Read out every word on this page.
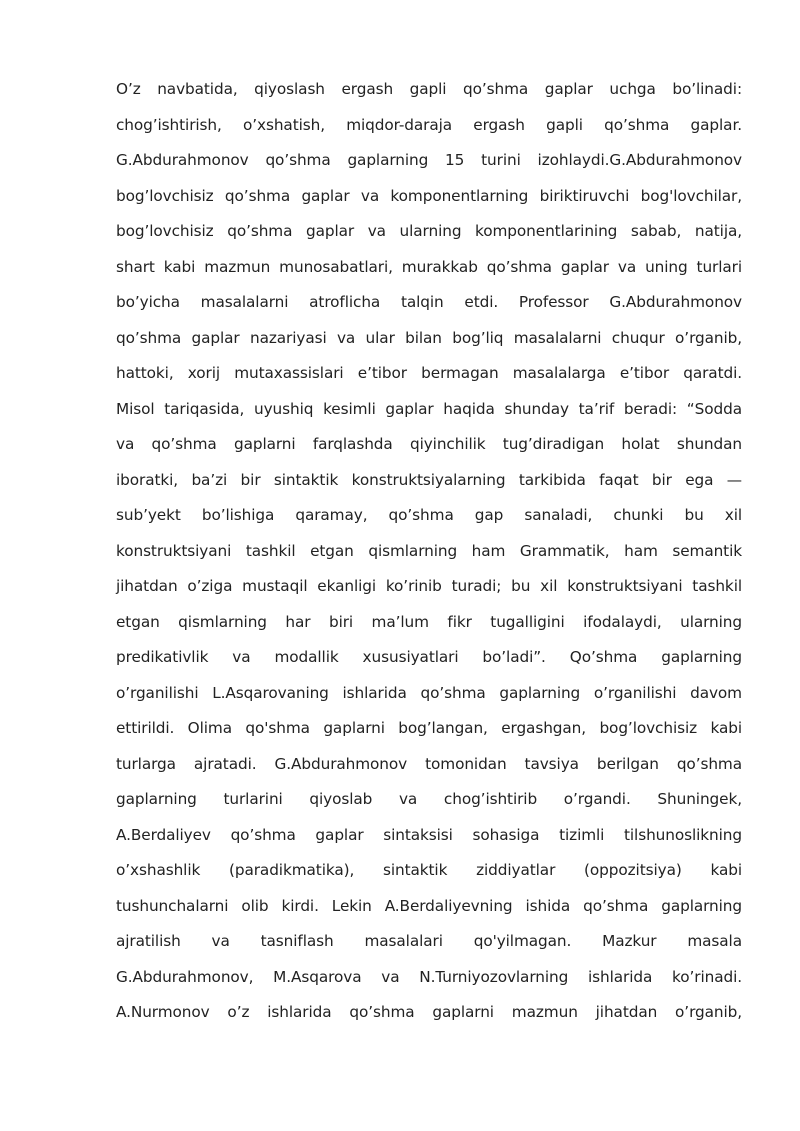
O’z navbatida, qiyoslash ergash gapli qo’shma gaplar uchga bo’linadi:
chog’ishtirish, o’xshatish, miqdor-daraja ergash gapli qo’shma gaplar.
G.Abdurahmonov qo’shma gaplarning 15 turini izohlaydi.G.Abdurahmonov
bog’lovchisiz qo’shma gaplar va komponentlarning biriktiruvchi bog'lovchilar,
bog’lovchisiz qo’shma gaplar va ularning komponentlarining sabab, natija,
shart kabi mazmun munosabatlari, murakkab qo’shma gaplar va uning turlari
bo’yicha masalalarni atroflicha talqin etdi. Professor G.Abdurahmonov
qo’shma gaplar nazariyasi va ular bilan bog’liq masalalarni chuqur o’rganib,
hattoki, xorij mutaxassislari e’tibor bermagan masalalarga e’tibor qaratdi.
Misol tariqasida, uyushiq kesimli gaplar haqida shunday ta’rif beradi: “Sodda
va qo’shma gaplarni farqlashda qiyinchilik tug’diradigan holat shundan
iboratki, ba’zi bir sintaktik konstruktsiyalarning tarkibida faqat bir ega —
sub’yekt bo’lishiga qaramay, qo’shma gap sanaladi, chunki bu xil
konstruktsiyani tashkil etgan qismlarning ham Grammatik, ham semantik
jihatdan o’ziga mustaqil ekanligi ko’rinib turadi; bu xil konstruktsiyani tashkil
etgan qismlarning har biri ma’lum fikr tugalligini ifodalaydi, ularning
predikativlik va modallik xususiyatlari bo’ladi”. Qo’shma gaplarning
o’rganilishi L.Asqarovaning ishlarida qo’shma gaplarning o’rganilishi davom
ettirildi. Olima qo'shma gaplarni bog’langan, ergashgan, bog’lovchisiz kabi
turlarga ajratadi. G.Abdurahmonov tomonidan tavsiya berilgan qo’shma
gaplarning turlarini qiyoslab va chog’ishtirib o’rgandi. Shuningek,
A.Berdaliyev qo’shma gaplar sintaksisi sohasiga tizimli tilshunoslikning
o’xshashlik (paradikmatika), sintaktik ziddiyatlar (oppozitsiya) kabi
tushunchalarni olib kirdi. Lekin A.Berdaliyevning ishida qo’shma gaplarning
ajratilish va tasniflash masalalari qo'yilmagan. Mazkur masala
G.Abdurahmonov, M.Asqarova va N.Turniyozovlarning ishlarida ko’rinadi.
A.Nurmonov o’z ishlarida qo’shma gaplarni mazmun jihatdan o’rganib,
